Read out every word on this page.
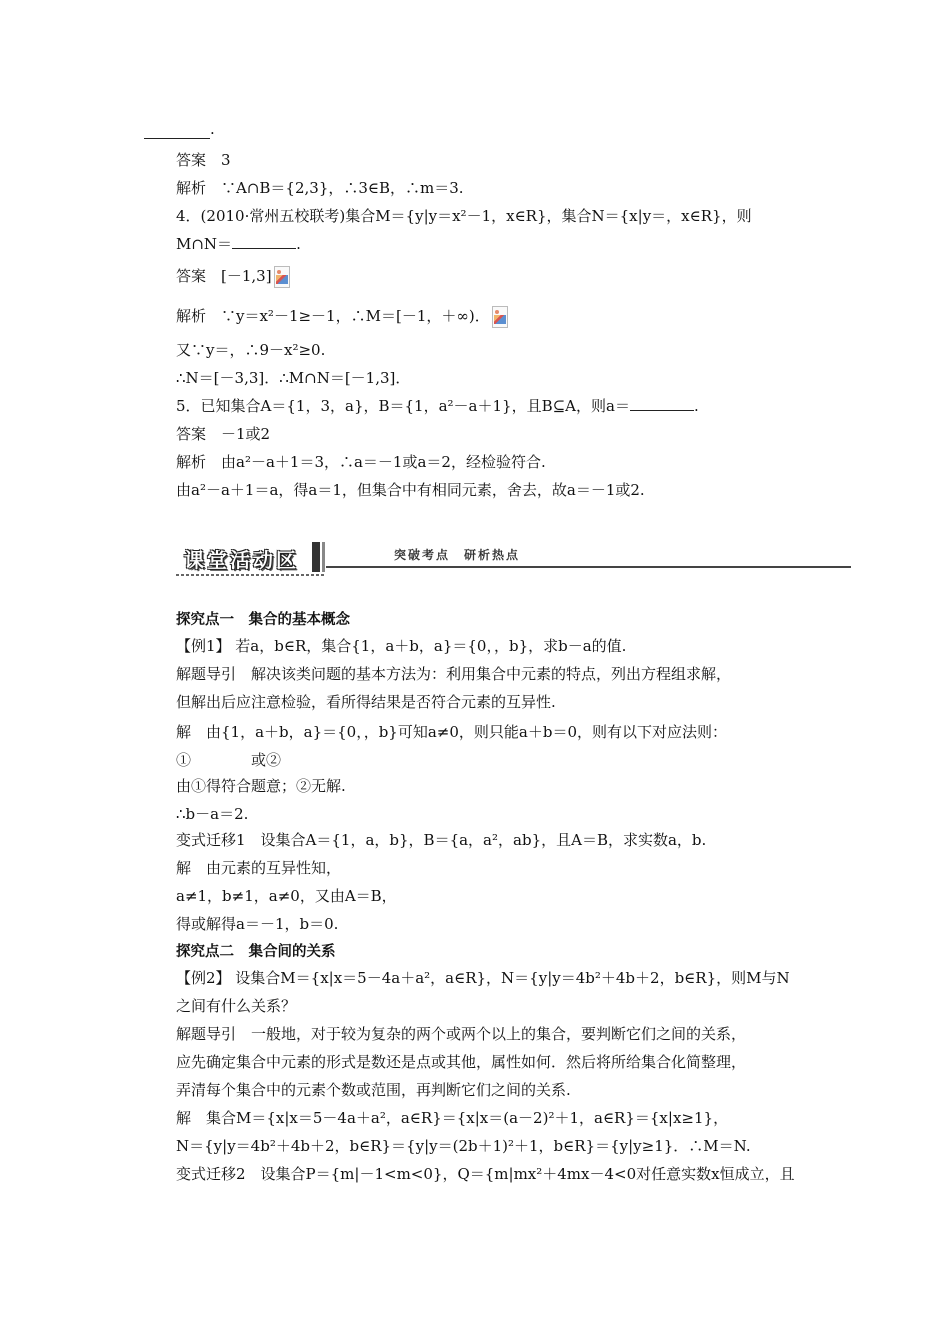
.
答案　3
解析　∵A∩B＝{2,3}，∴3∈B，∴m＝3.
4．(2010·常州五校联考)集合M＝{y|y＝x²－1，x∈R}，集合N＝{x|y＝，x∈R}，则
M∩N＝	.
答案　[－1,3]
解析　∵y＝x²－1≥－1，∴M＝[－1，＋∞)．
又∵y＝，∴9－x²≥0.
∴N＝[－3,3]．∴M∩N＝[－1,3]．
5．已知集合A＝{1，3，a}，B＝{1，a²－a＋1}，且B⊆A，则a＝	.
答案　－1或2
解析　由a²－a＋1＝3，∴a＝－1或a＝2，经检验符合.
由a²－a＋1＝a，得a＝1，但集合中有相同元素，舍去，故a＝－1或2.
课堂活动区	突破考点　研析热点
探究点一　集合的基本概念
【例1】 若a，b∈R，集合{1，a＋b，a}＝{0，，b}，求b－a的值.
解题导引　解决该类问题的基本方法为：利用集合中元素的特点，列出方程组求解，
但解出后应注意检验，看所得结果是否符合元素的互异性.
解　由{1，a＋b，a}＝{0，，b}可知a≠0，则只能a＋b＝0，则有以下对应法则：
①　　　　或②
由①得符合题意；②无解.
∴b－a＝2.
变式迁移1　设集合A＝{1，a，b}，B＝{a，a²，ab}，且A＝B，求实数a，b.
解　由元素的互异性知，
a≠1，b≠1，a≠0，又由A＝B，
得或解得a＝－1，b＝0.
探究点二　集合间的关系
【例2】 设集合M＝{x|x＝5－4a＋a²，a∈R}，N＝{y|y＝4b²＋4b＋2，b∈R}，则M与N
之间有什么关系？
解题导引　一般地，对于较为复杂的两个或两个以上的集合，要判断它们之间的关系，
应先确定集合中元素的形式是数还是点或其他，属性如何．然后将所给集合化简整理，
弄清每个集合中的元素个数或范围，再判断它们之间的关系.
解　集合M＝{x|x＝5－4a＋a²，a∈R}＝{x|x＝(a－2)²＋1，a∈R}＝{x|x≥1}，
N＝{y|y＝4b²＋4b＋2，b∈R}＝{y|y＝(2b＋1)²＋1，b∈R}＝{y|y≥1}．∴M＝N.
变式迁移2　设集合P＝{m|－1<m<0}，Q＝{m|mx²＋4mx－4<0对任意实数x恒成立，且
